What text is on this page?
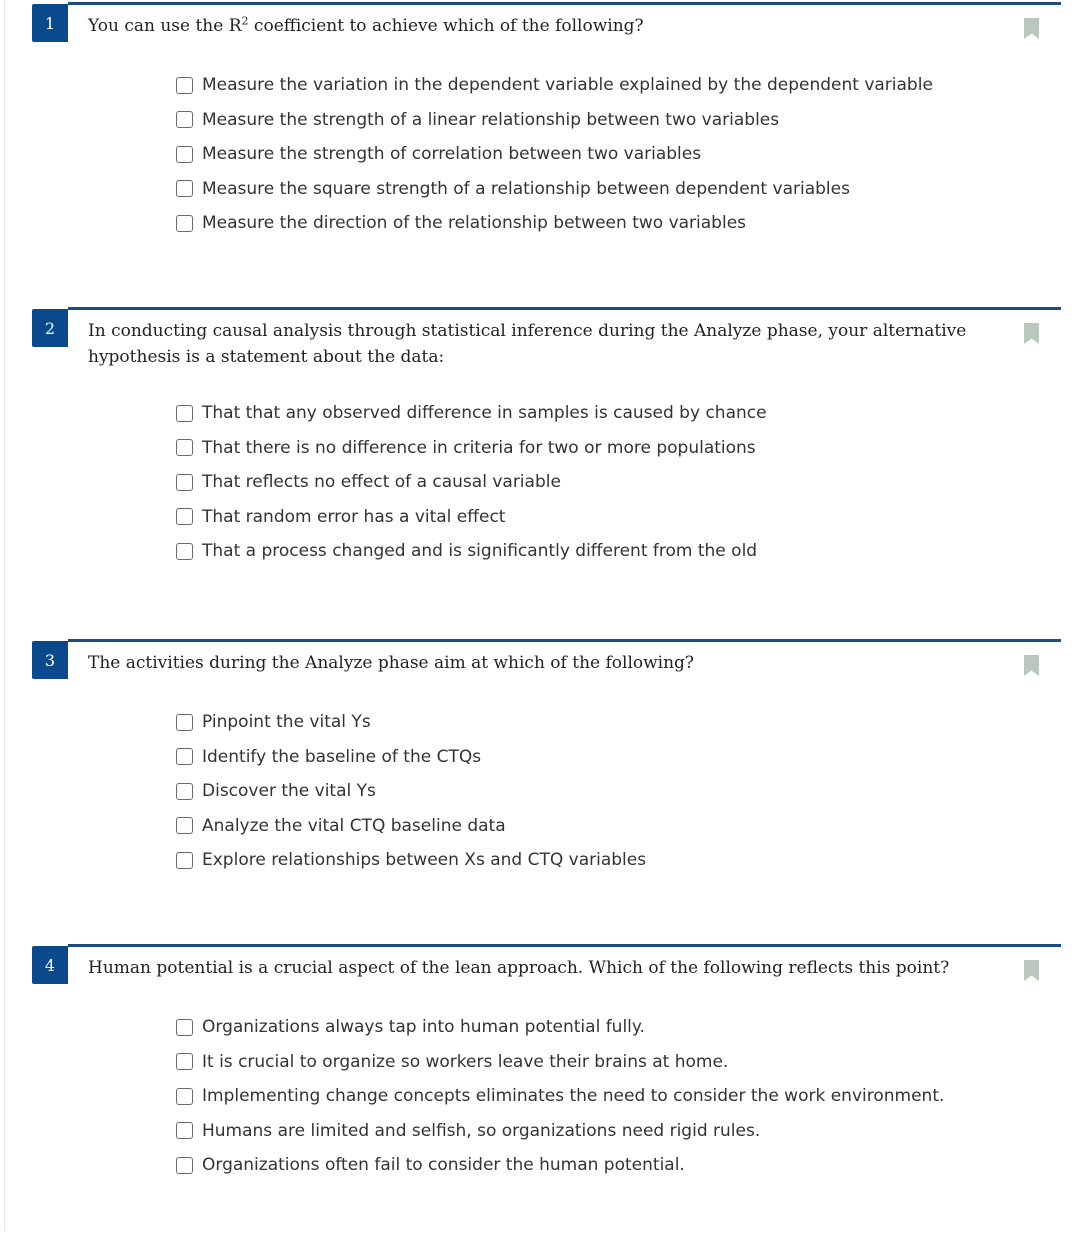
1	You can use the $R^2$ coefficient to achieve which of the following?
Measure the variation in the dependent variable explained by the dependent variable
Measure the strength of a linear relationship between two variables
Measure the strength of correlation between two variables
Measure the square strength of a relationship between dependent variables
Measure the direction of the relationship between two variables
2	In conducting causal analysis through statistical inference during the Analyze phase, your alternative hypothesis is a statement about the data:
That that any observed difference in samples is caused by chance
That there is no difference in criteria for two or more populations
That reflects no effect of a causal variable
That random error has a vital effect
That a process changed and is significantly different from the old
3	The activities during the Analyze phase aim at which of the following?
Pinpoint the vital Ys
Identify the baseline of the CTQs
Discover the vital Ys
Analyze the vital CTQ baseline data
Explore relationships between Xs and CTQ variables
4	Human potential is a crucial aspect of the lean approach. Which of the following reflects this point?
Organizations always tap into human potential fully.
It is crucial to organize so workers leave their brains at home.
Implementing change concepts eliminates the need to consider the work environment.
Humans are limited and selfish, so organizations need rigid rules.
Organizations often fail to consider the human potential.
